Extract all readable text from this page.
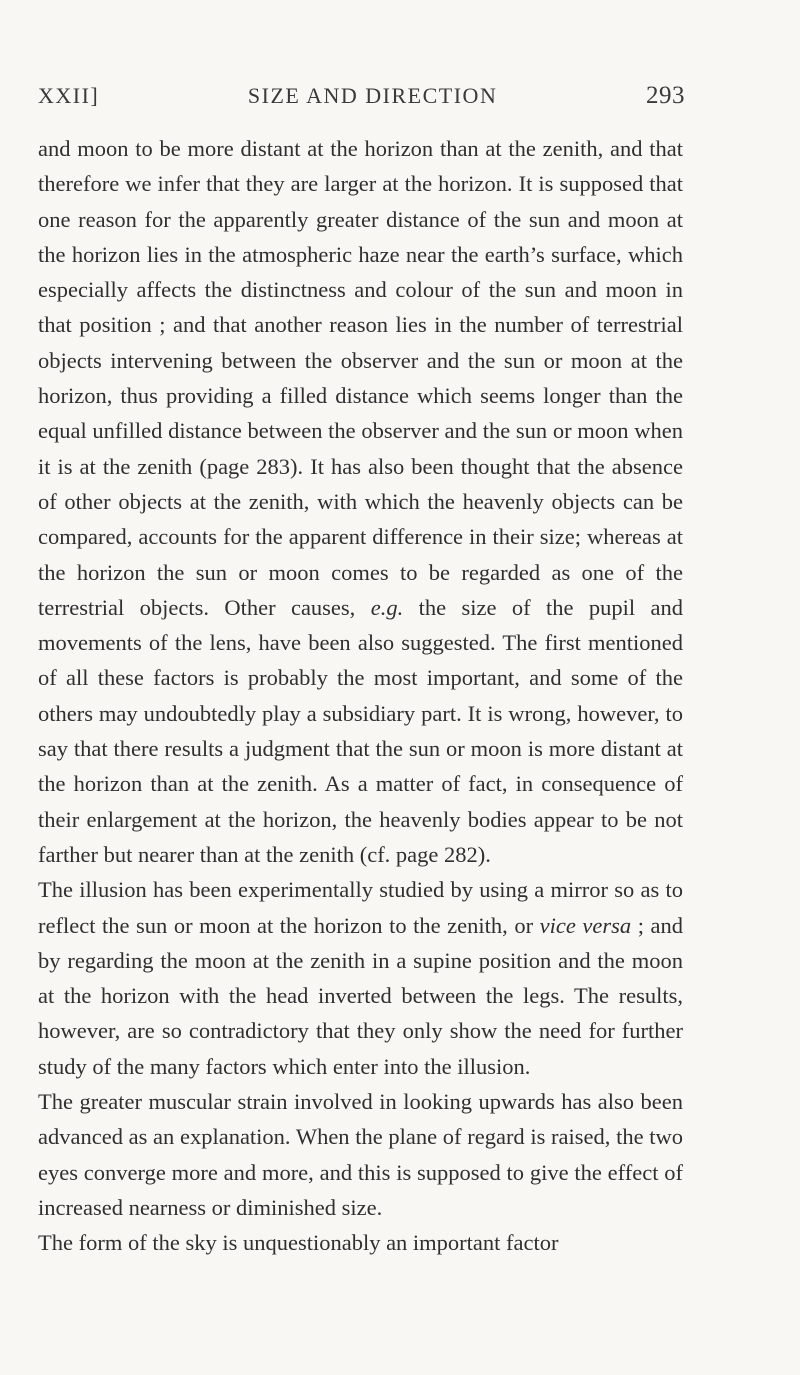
XXII]	SIZE AND DIRECTION	293

and moon to be more distant at the horizon than at the zenith, and that therefore we infer that they are larger at the horizon. It is supposed that one reason for the apparently greater distance of the sun and moon at the horizon lies in the atmospheric haze near the earth’s surface, which especially affects the distinctness and colour of the sun and moon in that position ; and that another reason lies in the number of terrestrial objects intervening between the observer and the sun or moon at the horizon, thus providing a filled distance which seems longer than the equal unfilled distance between the observer and the sun or moon when it is at the zenith (page 283). It has also been thought that the absence of other objects at the zenith, with which the heavenly objects can be compared, accounts for the apparent difference in their size; whereas at the horizon the sun or moon comes to be regarded as one of the terrestrial objects. Other causes, e.g. the size of the pupil and movements of the lens, have been also suggested. The first mentioned of all these factors is probably the most important, and some of the others may undoubtedly play a subsidiary part. It is wrong, however, to say that there results a judgment that the sun or moon is more distant at the horizon than at the zenith. As a matter of fact, in consequence of their enlargement at the horizon, the heavenly bodies appear to be not farther but nearer than at the zenith (cf. page 282).

The illusion has been experimentally studied by using a mirror so as to reflect the sun or moon at the horizon to the zenith, or vice versa ; and by regarding the moon at the zenith in a supine position and the moon at the horizon with the head inverted between the legs. The results, however, are so contradictory that they only show the need for further study of the many factors which enter into the illusion.

The greater muscular strain involved in looking upwards has also been advanced as an explanation. When the plane of regard is raised, the two eyes converge more and more, and this is supposed to give the effect of increased nearness or diminished size.

The form of the sky is unquestionably an important factor
